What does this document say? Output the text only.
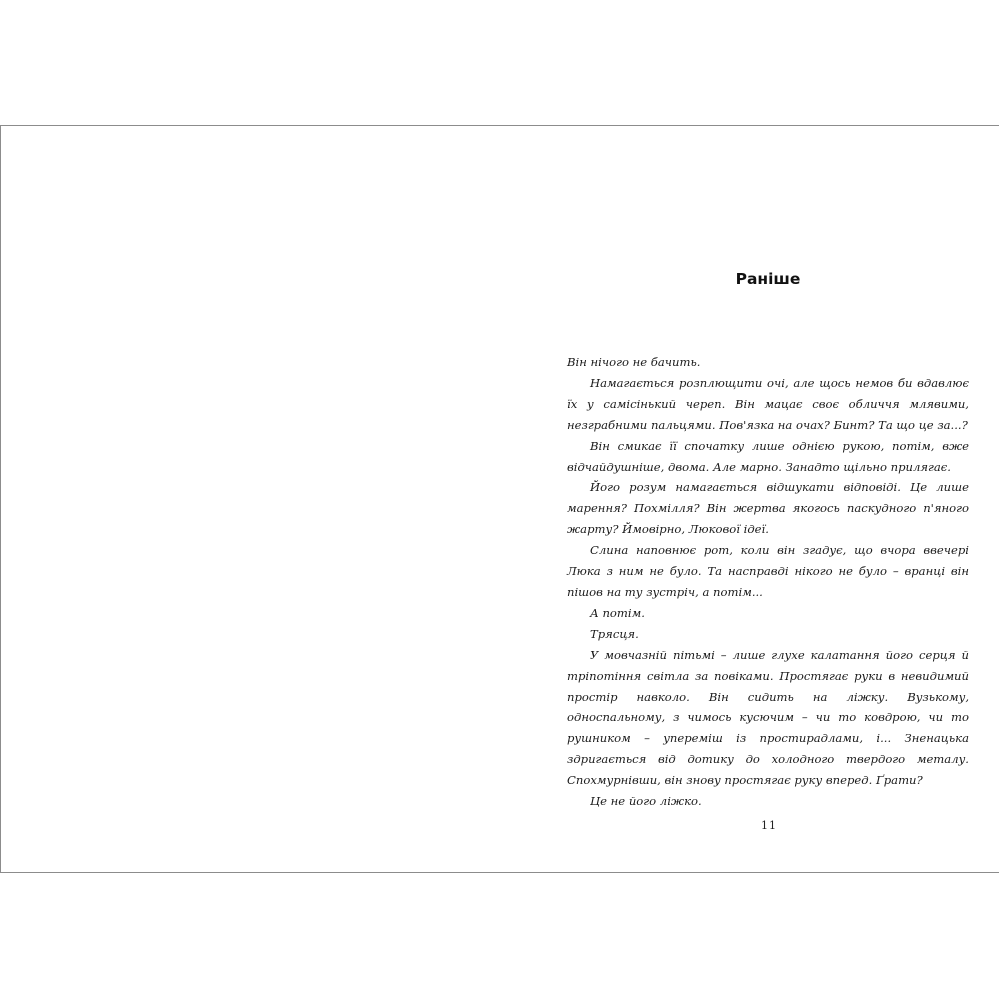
Раніше

Він нічого не бачить.

Намагається розплющити очі, але щось немов би вдавлює їх у самісінький череп. Він мацає своє обличчя млявими, незграбними пальцями. Пов'язка на очах? Бинт? Та що це за...?

Він смикає її спочатку лише однією рукою, потім, вже відчайдушніше, двома. Але марно. Занадто щільно прилягає.

Його розум намагається відшукати відповіді. Це лише марення? Похмілля? Він жертва якогось паскудного п'яного жарту? Ймовірно, Люкової ідеї.

Слина наповнює рот, коли він згадує, що вчора ввечері Люка з ним не було. Та насправді нікого не було – вранці він пішов на ту зустріч, а потім...

А потім.

Трясця.

У мовчазній пітьмі – лише глухе калатання його серця й тріпотіння світла за повіками. Простягає руки в невидимий простір навколо. Він сидить на ліжку. Вузькому, односпальному, з чимось кусючим – чи то ковдрою, чи то рушником – упереміш із простирадлами, і... Зненацька здригається від дотику до холодного твердого металу. Спохмурнівши, він знову простягає руку вперед. Ґрати?

Це не його ліжко.

11
